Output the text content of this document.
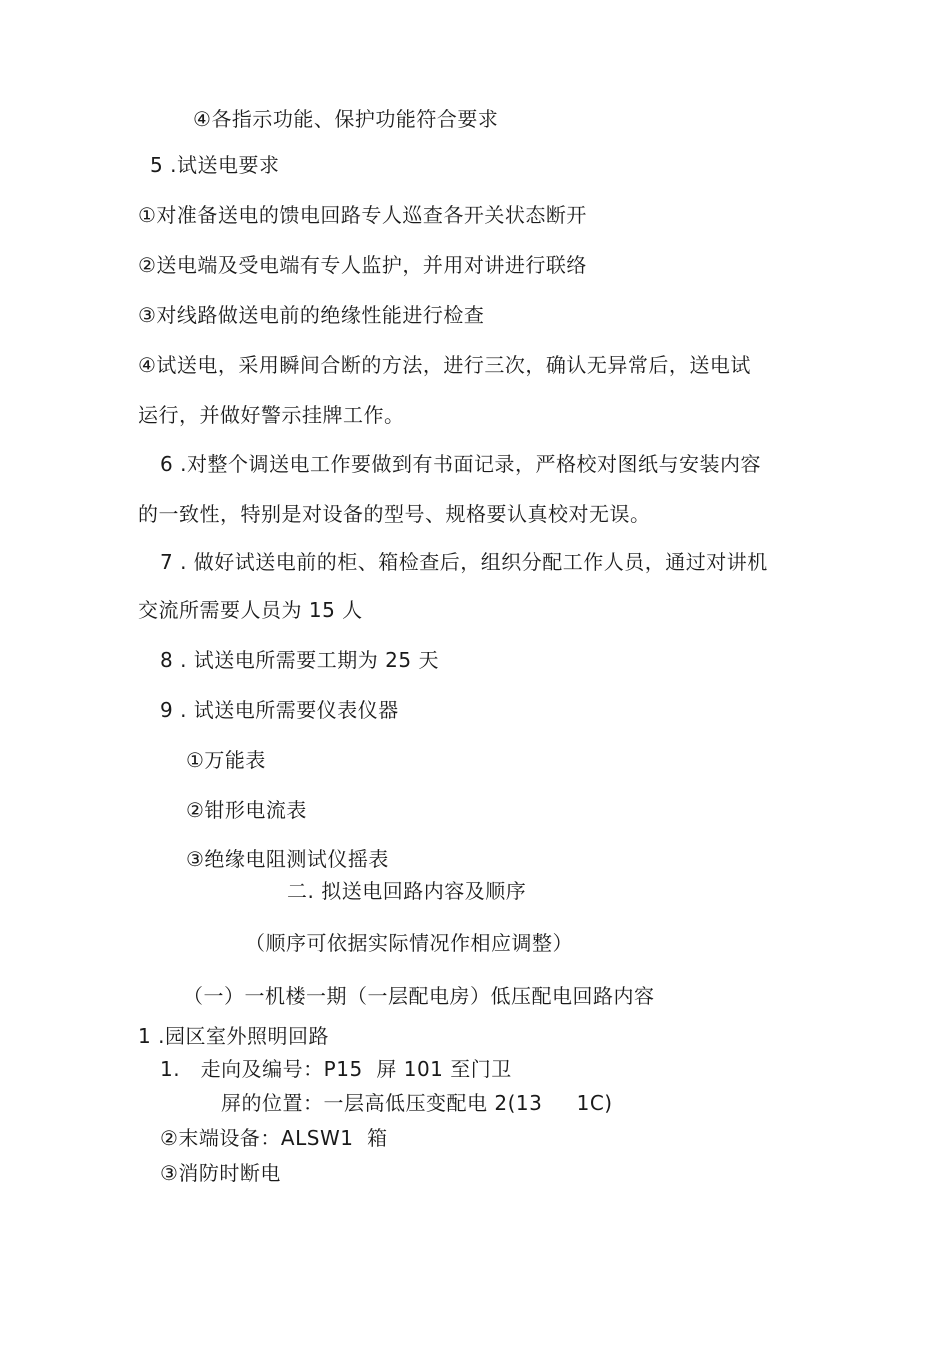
④各指示功能、保护功能符合要求
5 .试送电要求
①对准备送电的馈电回路专人巡查各开关状态断开
②送电端及受电端有专人监护，并用对讲进行联络
③对线路做送电前的绝缘性能进行检查
④试送电，采用瞬间合断的方法，进行三次，确认无异常后，送电试
运行，并做好警示挂牌工作。
6 .对整个调送电工作要做到有书面记录，严格校对图纸与安装内容
的一致性，特别是对设备的型号、规格要认真校对无误。
7 . 做好试送电前的柜、箱检查后，组织分配工作人员，通过对讲机
交流所需要人员为 15 人
8 . 试送电所需要工期为 25 天
9 . 试送电所需要仪表仪器
①万能表
②钳形电流表
③绝缘电阻测试仪摇表
二. 拟送电回路内容及顺序
（顺序可依据实际情况作相应调整）
（一）一机楼一期（一层配电房）低压配电回路内容
1 .园区室外照明回路
1.   走向及编号：P15  屏 101 至门卫
屏的位置：一层高低压变配电 2(13     1C)
②末端设备：ALSW1  箱
③消防时断电
